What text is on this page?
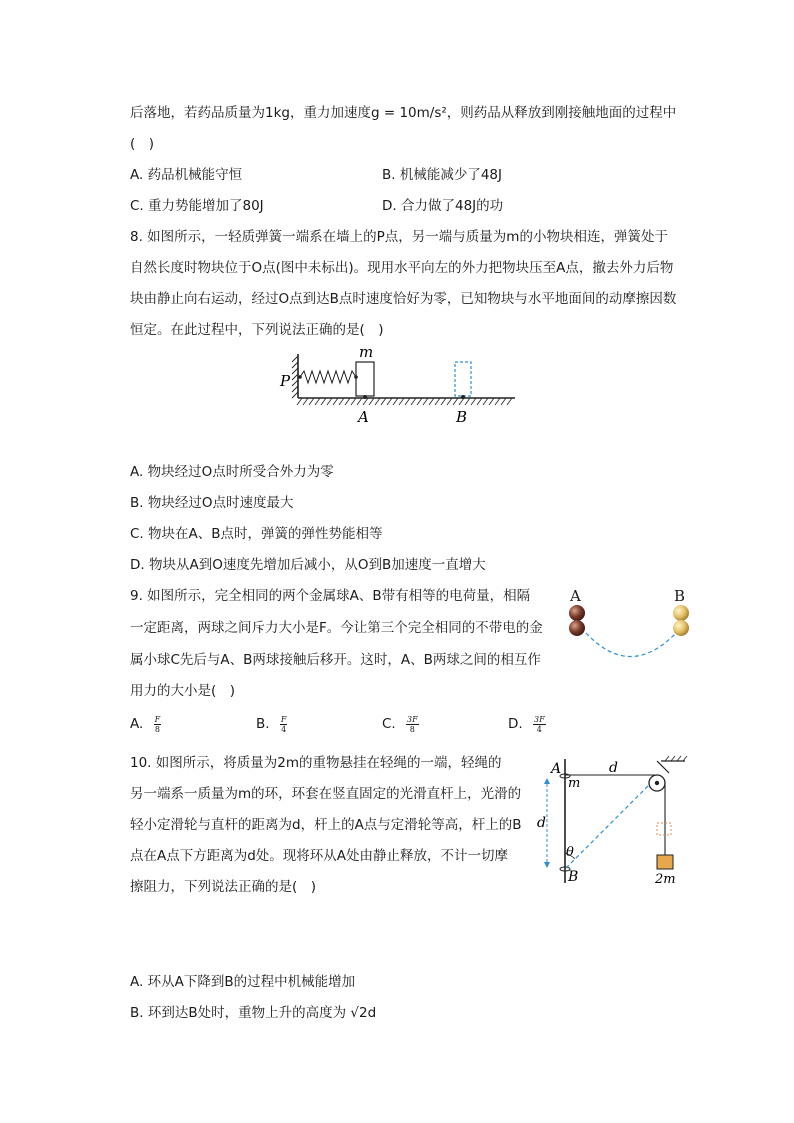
后落地，若药品质量为1kg，重力加速度g = 10m/s²，则药品从释放到刚接触地面的过程中
(　)
A. 药品机械能守恒	B. 机械能减少了48J
C. 重力势能增加了80J	D. 合力做了48J的功
8. 如图所示，一轻质弹簧一端系在墙上的P点，另一端与质量为m的小物块相连，弹簧处于
自然长度时物块位于O点(图中未标出)。现用水平向左的外力把物块压至A点，撤去外力后物
块由静止向右运动，经过O点到达B点时速度恰好为零，已知物块与水平地面间的动摩擦因数
恒定。在此过程中，下列说法正确的是(　)
P
m
A	B
A. 物块经过O点时所受合外力为零
B. 物块经过O点时速度最大
C. 物块在A、B点时，弹簧的弹性势能相等
D. 物块从A到O速度先增加后减小，从O到B加速度一直增大
9. 如图所示，完全相同的两个金属球A、B带有相等的电荷量，相隔
一定距离，两球之间斥力大小是F。今让第三个完全相同的不带电的金
属小球C先后与A、B两球接触后移开。这时，A、B两球之间的相互作
用力的大小是(　)
A	B
A. $\frac{F}{8}$	B. $\frac{F}{4}$	C. $\frac{3F}{8}$	D. $\frac{3F}{4}$
10. 如图所示，将质量为2m的重物悬挂在轻绳的一端，轻绳的
另一端系一质量为m的环，环套在竖直固定的光滑直杆上，光滑的
轻小定滑轮与直杆的距离为d，杆上的A点与定滑轮等高，杆上的B
点在A点下方距离为d处。现将环从A处由静止释放，不计一切摩
擦阻力，下列说法正确的是(　)
d
A
m
d
B
θ
2m
A. 环从A下降到B的过程中机械能增加
B. 环到达B处时，重物上升的高度为 √2d
